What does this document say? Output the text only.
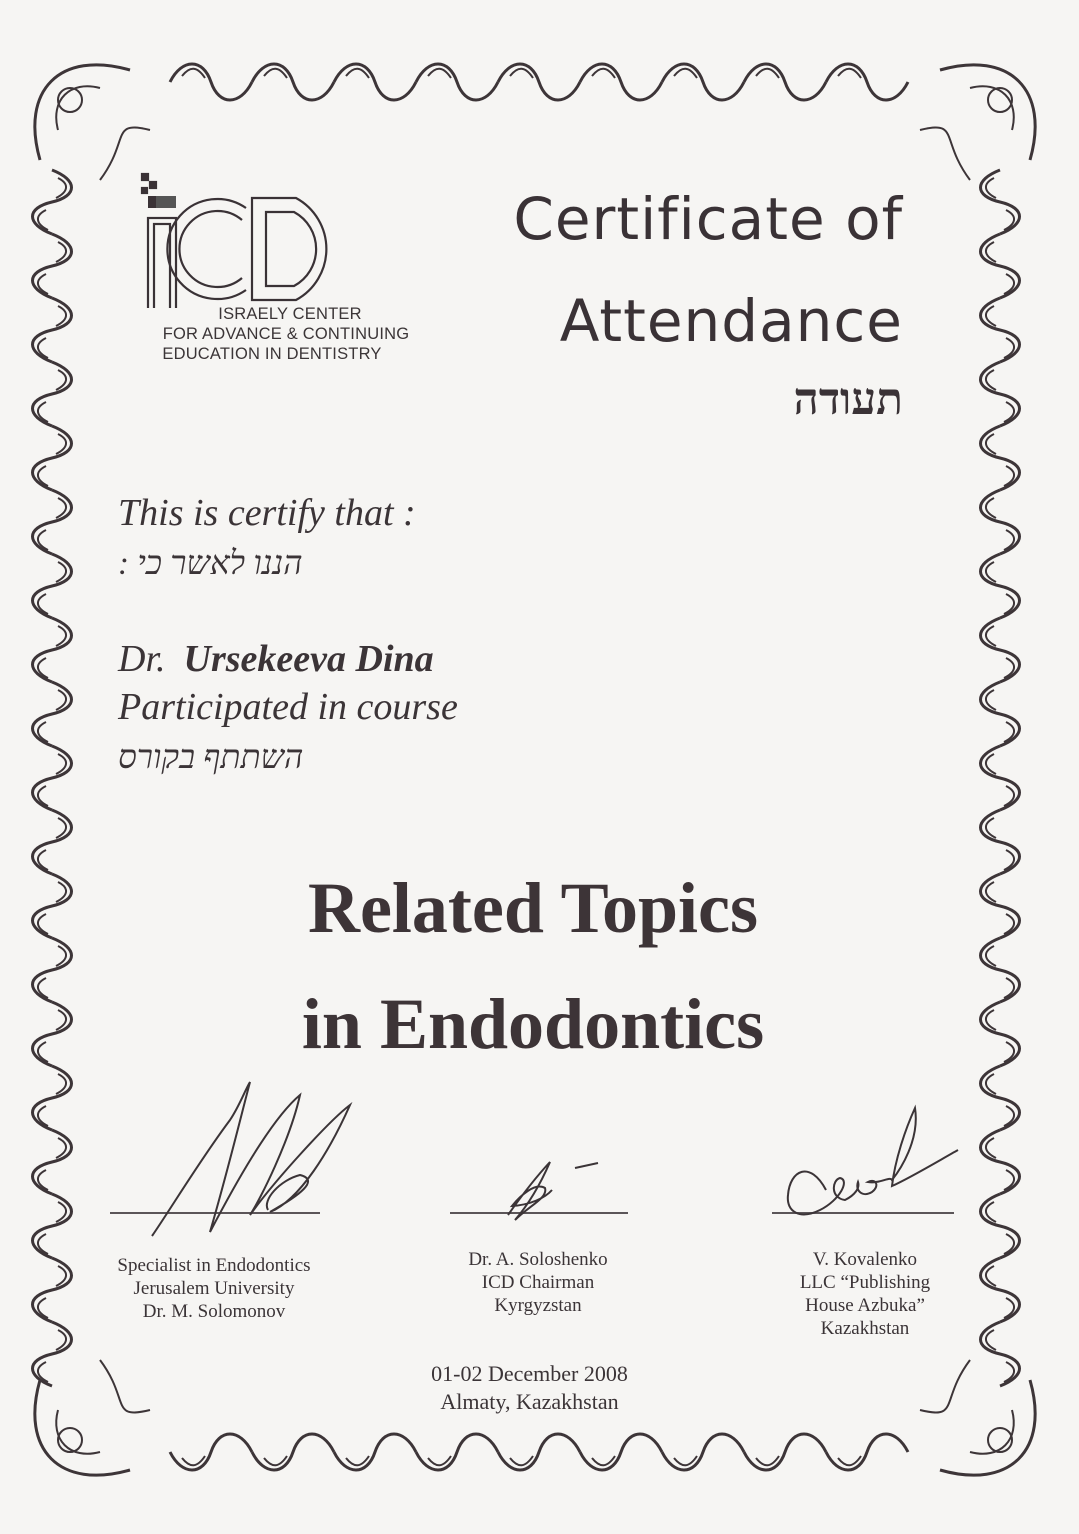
ISRAELY CENTER
FOR ADVANCE & CONTINUING
EDUCATION IN DENTISTRY
Certificate of
Attendance
תעודה
This is certify that :
: הננו לאשר כי
Dr. Ursekeeva Dina
Participated in course
השתתף בקורס
Related Topics
in Endodontics
Specialist in Endodontics
Jerusalem University
Dr. M. Solomonov
Dr. A. Soloshenko
ICD Chairman
Kyrgyzstan
V. Kovalenko
LLC “Publishing
House Azbuka”
Kazakhstan
01-02 December 2008
Almaty, Kazakhstan
